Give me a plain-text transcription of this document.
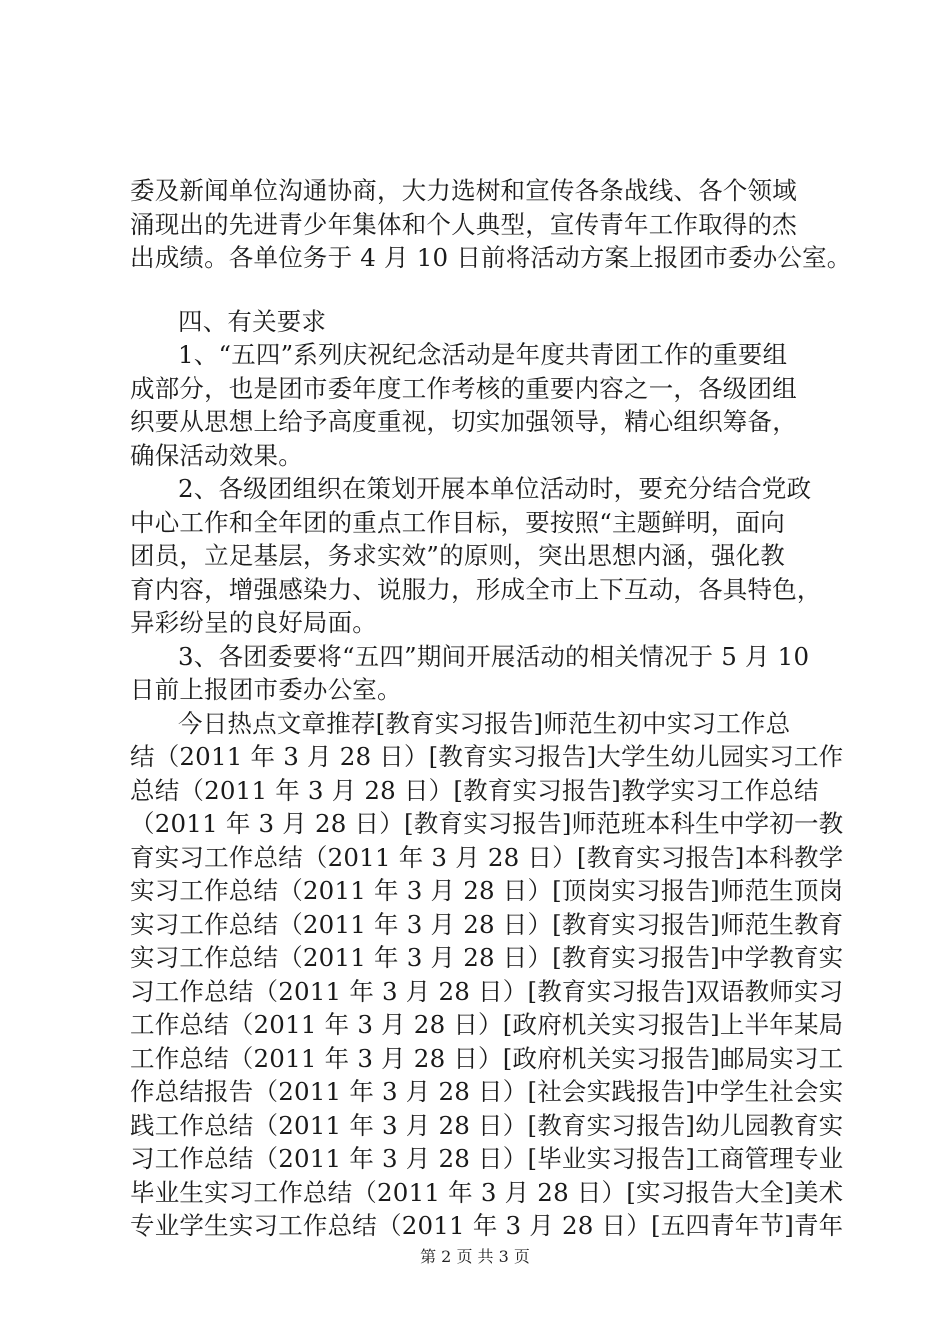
委及新闻单位沟通协商，大力选树和宣传各条战线、各个领域
涌现出的先进青少年集体和个人典型，宣传青年工作取得的杰
出成绩。各单位务于 4 月 10 日前将活动方案上报团市委办公室。

四、有关要求

1、“五四”系列庆祝纪念活动是年度共青团工作的重要组
成部分，也是团市委年度工作考核的重要内容之一，各级团组
织要从思想上给予高度重视，切实加强领导，精心组织筹备，
确保活动效果。

2、各级团组织在策划开展本单位活动时，要充分结合党政
中心工作和全年团的重点工作目标，要按照“主题鲜明，面向
团员，立足基层，务求实效”的原则，突出思想内涵，强化教
育内容，增强感染力、说服力，形成全市上下互动，各具特色，
异彩纷呈的良好局面。

3、各团委要将“五四”期间开展活动的相关情况于 5 月 10
日前上报团市委办公室。

今日热点文章推荐[教育实习报告]师范生初中实习工作总
结（2011 年 3 月 28 日）[教育实习报告]大学生幼儿园实习工作
总结（2011 年 3 月 28 日）[教育实习报告]教学实习工作总结
（2011 年 3 月 28 日）[教育实习报告]师范班本科生中学初一教
育实习工作总结（2011 年 3 月 28 日）[教育实习报告]本科教学
实习工作总结（2011 年 3 月 28 日）[顶岗实习报告]师范生顶岗
实习工作总结（2011 年 3 月 28 日）[教育实习报告]师范生教育
实习工作总结（2011 年 3 月 28 日）[教育实习报告]中学教育实
习工作总结（2011 年 3 月 28 日）[教育实习报告]双语教师实习
工作总结（2011 年 3 月 28 日）[政府机关实习报告]上半年某局
工作总结（2011 年 3 月 28 日）[政府机关实习报告]邮局实习工
作总结报告（2011 年 3 月 28 日）[社会实践报告]中学生社会实
践工作总结（2011 年 3 月 28 日）[教育实习报告]幼儿园教育实
习工作总结（2011 年 3 月 28 日）[毕业实习报告]工商管理专业
毕业生实习工作总结（2011 年 3 月 28 日）[实习报告大全]美术
专业学生实习工作总结（2011 年 3 月 28 日）[五四青年节]青年

第 2 页 共 3 页
